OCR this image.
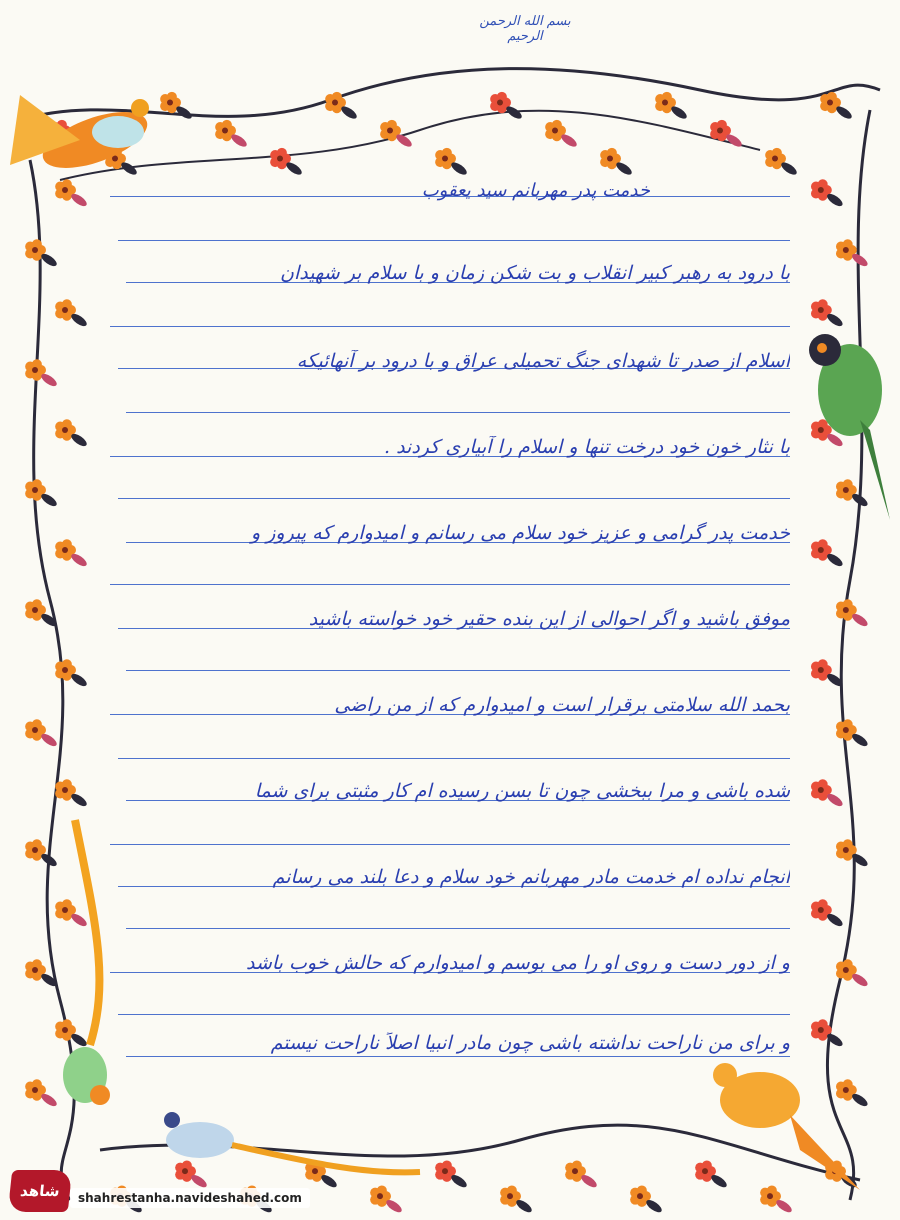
بسم الله الرحمن الرحیم
خدمت پدر مهربانم سید یعقوب
با درود به رهبر کبیر انقلاب و بت شکن زمان و با سلام بر شهیدان
اسلام از صدر تا شهدای جنگ تحمیلی عراق و با درود بر آنهائیکه
با نثار خون خود درخت تنها و اسلام را آبیاری کردند .
خدمت پدر گرامی و عزیز خود سلام می رسانم و امیدوارم که پیروز و
موفق باشید و اگر احوالی از این بنده حقیر خود خواسته باشید
بحمد الله سلامتی برقرار است و امیدوارم که از من راضی
شده باشی و مرا ببخشی چون تا بسن رسیده ام کار مثبتی برای شما
انجام نداده ام خدمت مادر مهربانم خود سلام و دعا بلند می رسانم
و از دور دست و روی او را می بوسم و امیدوارم که حالش خوب باشد
و برای من ناراحت نداشته باشی چون مادر انبیا اصلاً ناراحت نیستم
شاهد	shahrestanha.navideshahed.com
